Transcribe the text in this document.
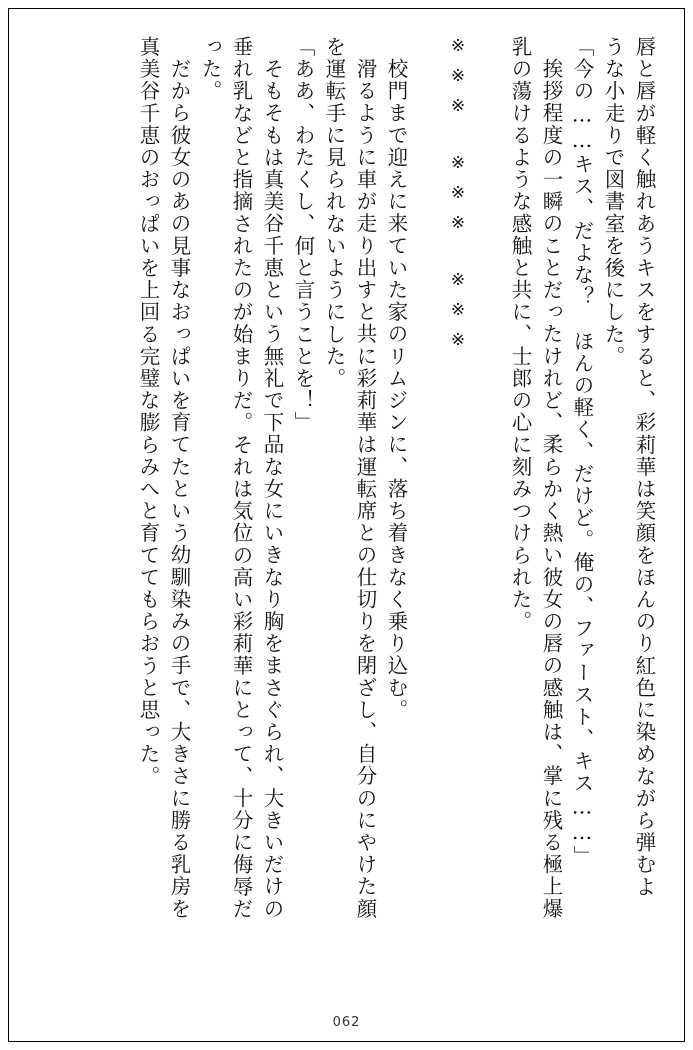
唇と唇が軽く触れあうキスをすると、彩莉華は笑顔をほんのり紅色に染めながら弾むよ
うな小走りで図書室を後にした。
「今の……キス、だよな？　ほんの軽く、だけど。俺の、ファースト、キス……」
挨拶程度の一瞬のことだったけれど、柔らかく熱い彼女の唇の感触は、掌に残る極上爆
乳の蕩けるような感触と共に、士郎の心に刻みつけられた。
※※※　※※※　※※※
校門まで迎えに来ていた家のリムジンに、落ち着きなく乗り込む。
滑るように車が走り出すと共に彩莉華は運転席との仕切りを閉ざし、自分のにやけた顔
を運転手に見られないようにした。
「ああ、わたくし、何と言うことを！」
そもそもは真美谷千恵という無礼で下品な女にいきなり胸をまさぐられ、大きいだけの
垂れ乳などと指摘されたのが始まりだ。それは気位の高い彩莉華にとって、十分に侮辱だ
った。
だから彼女のあの見事なおっぱいを育てたという幼馴染みの手で、大きさに勝る乳房を
真美谷千恵のおっぱいを上回る完璧な膨らみへと育ててもらおうと思った。
062
